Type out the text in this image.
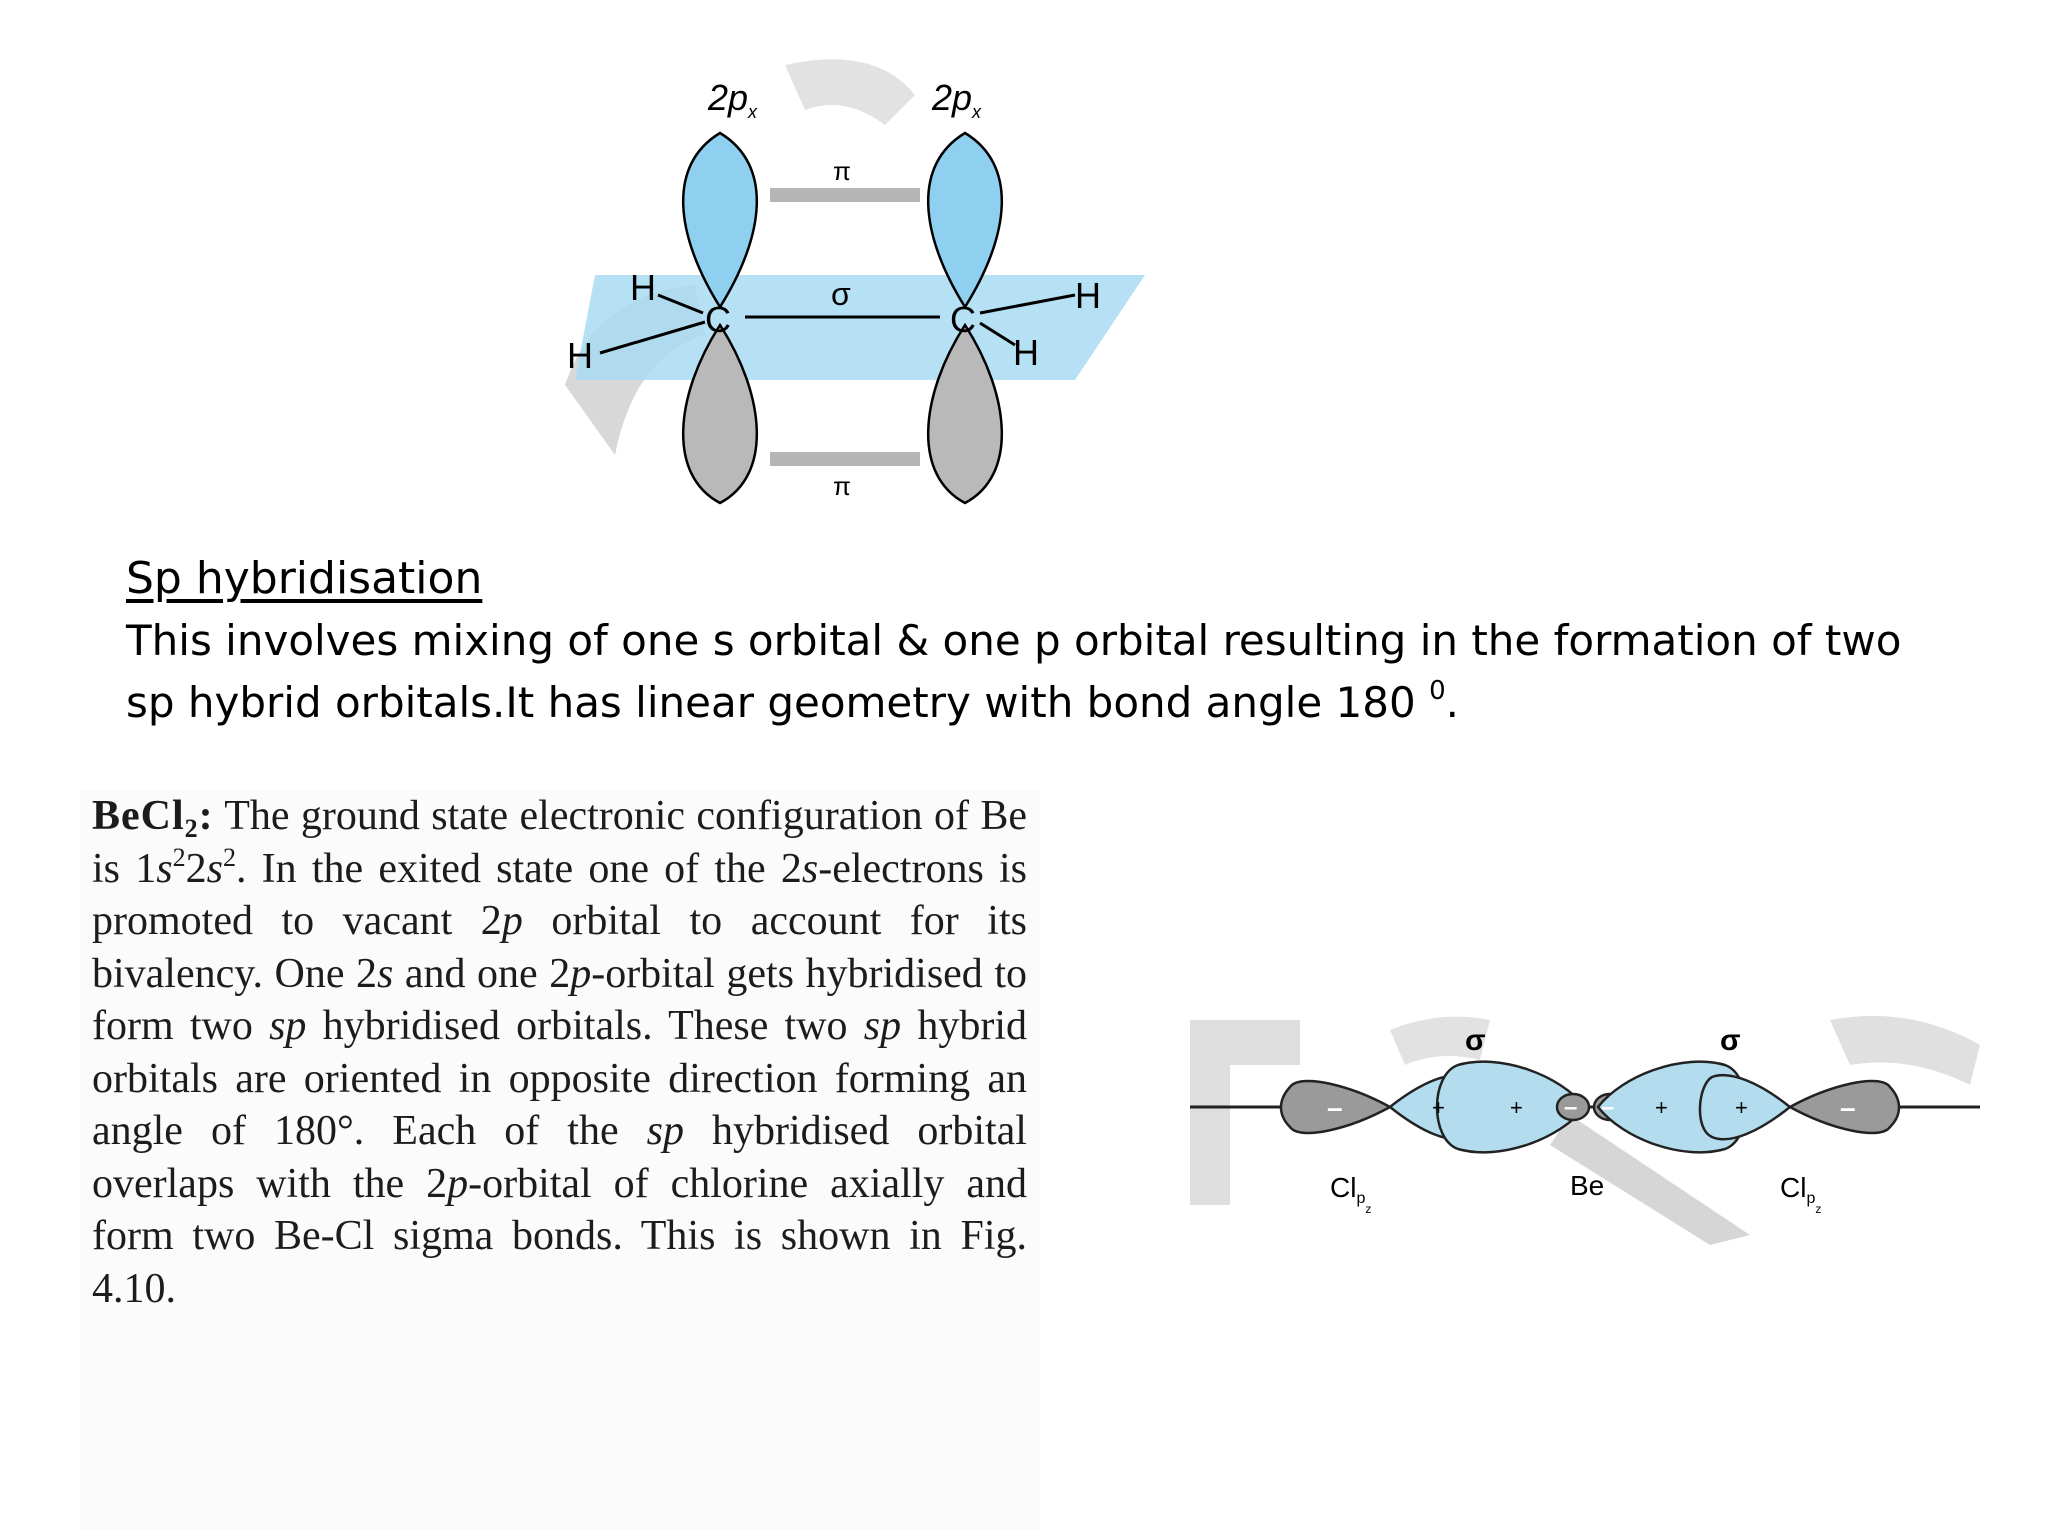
$2p_x$	$2p_x$
π
σ
π
C	C
H
H
H
H

Sp hybridisation

This involves mixing of one s orbital & one p orbital resulting in the formation of two
sp hybrid orbitals.It has linear geometry with bond angle 180 $^0$.

BeCl$_2$: The ground state electronic configuration of Be is $1s^22s^2$. In the exited state one of the 2s-electrons is promoted to vacant 2p orbital to account for its bivalency. One 2s and one 2p-orbital gets hybridised to form two sp hybridised orbitals. These two sp hybrid orbitals are oriented in opposite direction forming an angle of 180°. Each of the sp hybridised orbital overlaps with the 2p-orbital of chlorine axially and form two Be-Cl sigma bonds. This is shown in Fig. 4.10.

–	+	+ – – +	+	–
σ	σ
$Cl_{pz}$
Be	$Cl_{pz}$
